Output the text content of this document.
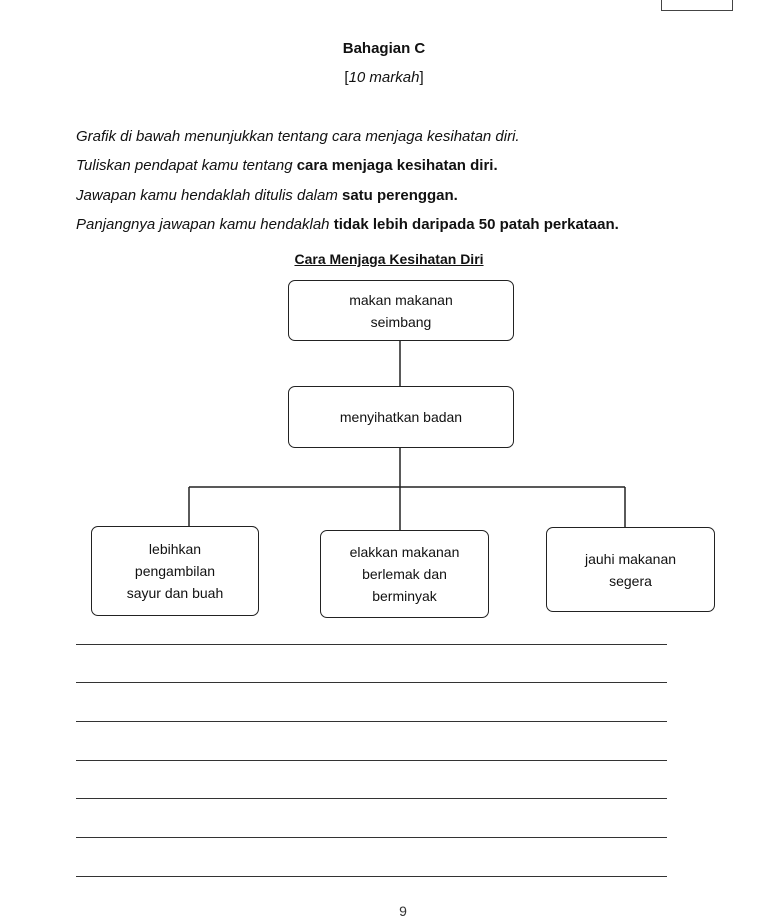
Bahagian C
[10 markah]
Grafik di bawah menunjukkan tentang cara menjaga kesihatan diri.
Tuliskan pendapat kamu tentang cara menjaga kesihatan diri.
Jawapan kamu hendaklah ditulis dalam satu perenggan.
Panjangnya jawapan kamu hendaklah tidak lebih daripada 50 patah perkataan.
Cara Menjaga Kesihatan Diri
makan makanan
seimbang
menyihatkan badan
lebihkan
pengambilan
sayur dan buah
elakkan makanan
berlemak dan
berminyak
jauhi makanan
segera
9
